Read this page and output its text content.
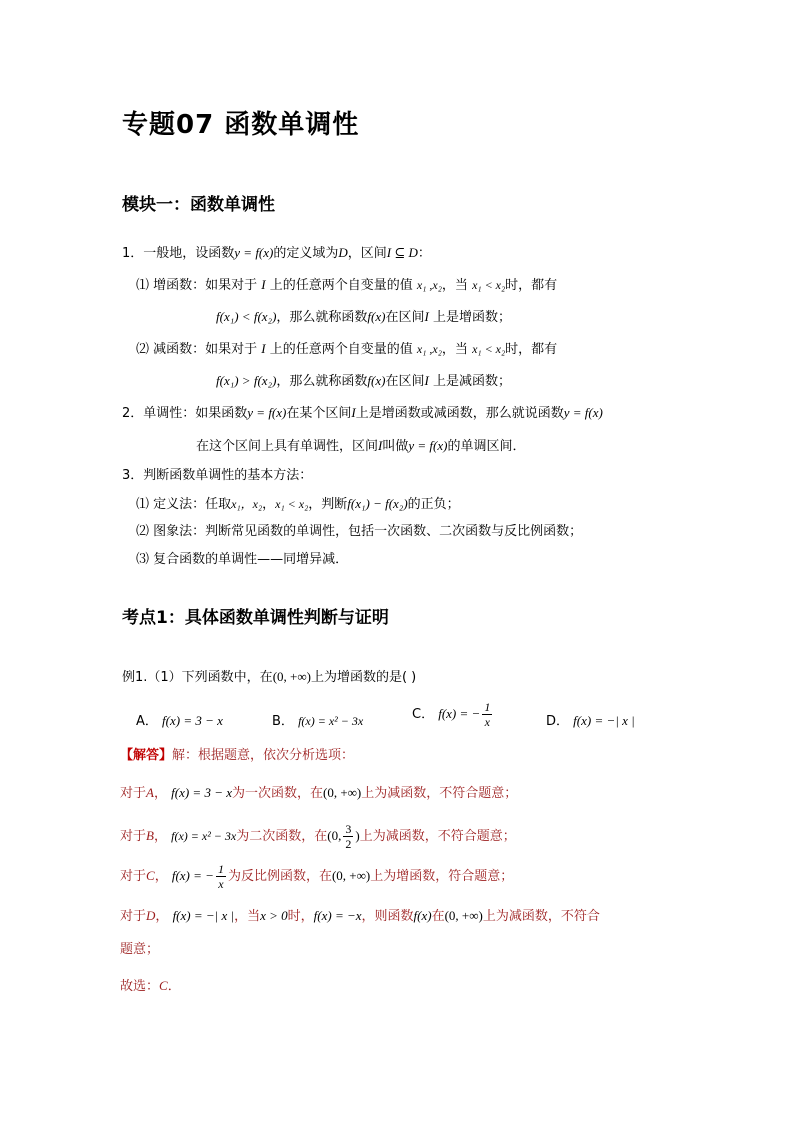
专题07 函数单调性
模块一：函数单调性
1．一般地，设函数y = f(x)的定义域为D，区间I ⊆ D：
⑴ 增函数：如果对于 I 上的任意两个自变量的值 x₁ ,x₂，当 x₁ < x₂时，都有
f(x₁) < f(x₂)，那么就称函数f(x)在区间I 上是增函数；
⑵ 减函数：如果对于 I 上的任意两个自变量的值 x₁ ,x₂，当 x₁ < x₂时，都有
f(x₁) > f(x₂)，那么就称函数f(x)在区间I 上是减函数；
2．单调性：如果函数y = f(x)在某个区间I上是增函数或减函数，那么就说函数y = f(x)
在这个区间上具有单调性，区间I叫做y = f(x)的单调区间．
3．判断函数单调性的基本方法：
⑴ 定义法：任取x₁，x₂，x₁ < x₂，判断f(x₁) − f(x₂)的正负；
⑵ 图象法：判断常见函数的单调性，包括一次函数、二次函数与反比例函数；
⑶ 复合函数的单调性——同增异减．
考点1：具体函数单调性判断与证明
例1.（1）下列函数中，在(0, +∞)上为增函数的是( )
A． f(x) = 3 − x	B． f(x) = x² − 3x	C． f(x) = − $\frac{1}{x}$	D． f(x) = −| x |
【解答】解：根据题意，依次分析选项：
对于A， f(x) = 3 − x为一次函数，在(0, +∞)上为减函数，不符合题意；
对于B， f(x) = x² − 3x为二次函数，在(0, $\frac{3}{2}$ )上为减函数，不符合题意；
对于C， f(x) = − $\frac{1}{x}$ 为反比例函数，在(0, +∞)上为增函数，符合题意；
对于D， f(x) = −| x |，当x > 0时，f(x) = −x，则函数f(x)在(0, +∞)上为减函数，不符合
题意；
故选：C．
